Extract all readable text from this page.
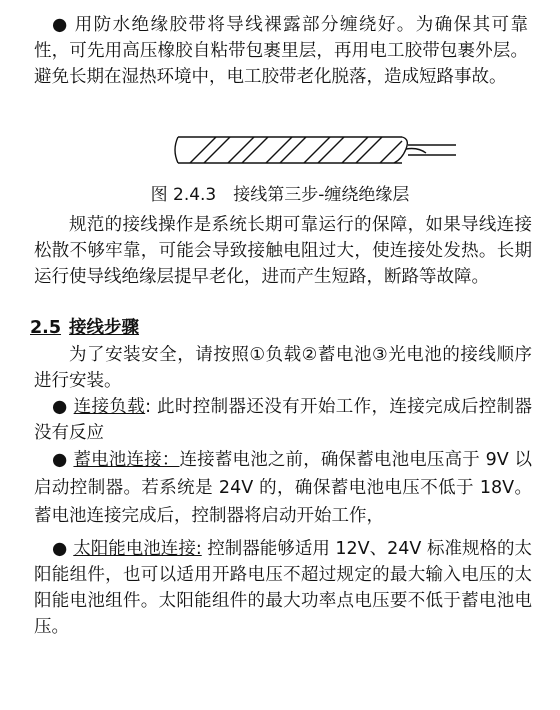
● 用防水绝缘胶带将导线裸露部分缠绕好。为确保其可靠性，可先用高压橡胶自粘带包裹里层，再用电工胶带包裹外层。避免长期在湿热环境中，电工胶带老化脱落，造成短路事故。

图 2.4.3　接线第三步-缠绕绝缘层

规范的接线操作是系统长期可靠运行的保障，如果导线连接松散不够牢靠，可能会导致接触电阻过大，使连接处发热。长期运行使导线绝缘层提早老化，进而产生短路，断路等故障。

2.5 接线步骤

为了安装安全，请按照①负载②蓄电池③光电池的接线顺序进行安装。

● 连接负载: 此时控制器还没有开始工作，连接完成后控制器没有反应

● 蓄电池连接：连接蓄电池之前，确保蓄电池电压高于 9V 以启动控制器。若系统是 24V 的，确保蓄电池电压不低于 18V。蓄电池连接完成后，控制器将启动开始工作，

● 太阳能电池连接: 控制器能够适用 12V、24V 标准规格的太阳能组件，也可以适用开路电压不超过规定的最大输入电压的太阳能电池组件。太阳能组件的最大功率点电压要不低于蓄电池电压。
